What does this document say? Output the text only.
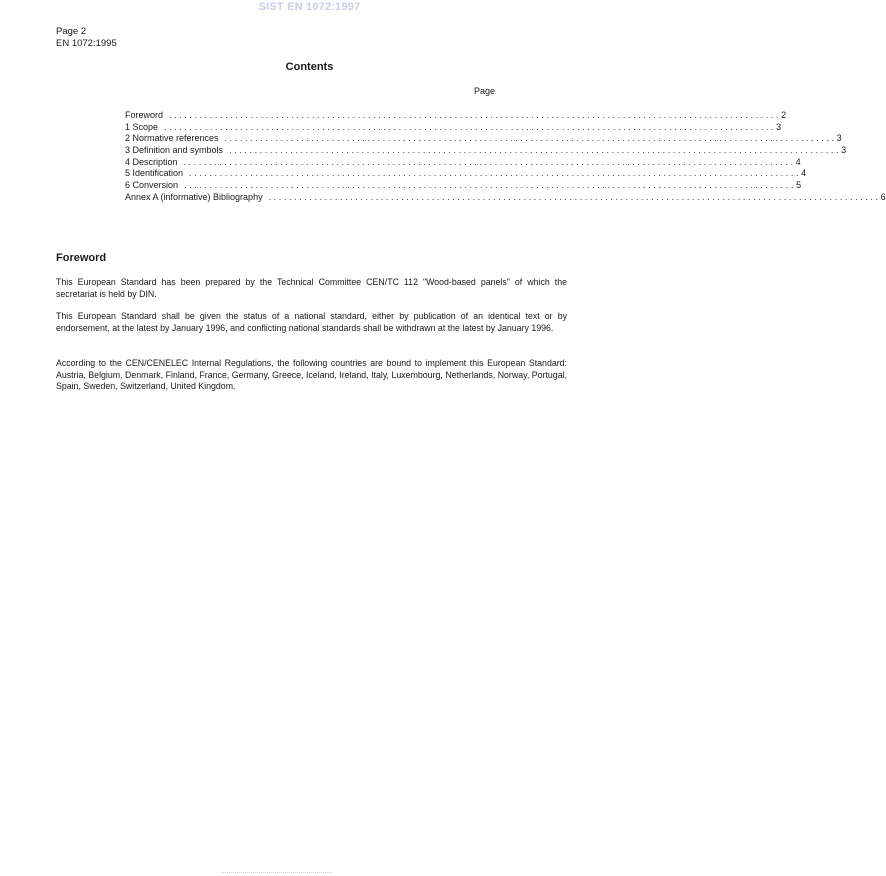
SIST EN 1072:1997
Page 2
EN 1072:1995
Contents
Page
Foreword ........................................................................................................................ 2
1 Scope ........................................................................................................................ 3
2 Normative references ........................................................................................................................ 3
3 Definition and symbols ........................................................................................................................ 3
4 Description ........................................................................................................................ 4
5 Identification ........................................................................................................................ 4
6 Conversion ........................................................................................................................ 5
Annex A (informative) Bibliography ........................................................................................................................ 6
Foreword

This European Standard has been prepared by the Technical Committee CEN/TC 112 "Wood-based panels" of which the secretariat is held by DIN.

This European Standard shall be given the status of a national standard, either by publication of an identical text or by endorsement, at the latest by January 1996, and conflicting national standards shall be withdrawn at the latest by January 1996.

According to the CEN/CENELEC Internal Regulations, the following countries are bound to implement this European Standard: Austria, Belgium, Denmark, Finland, France, Germany, Greece, Iceland, Ireland, Italy, Luxembourg, Netherlands, Norway, Portugal, Spain, Sweden, Switzerland, United Kingdom.
